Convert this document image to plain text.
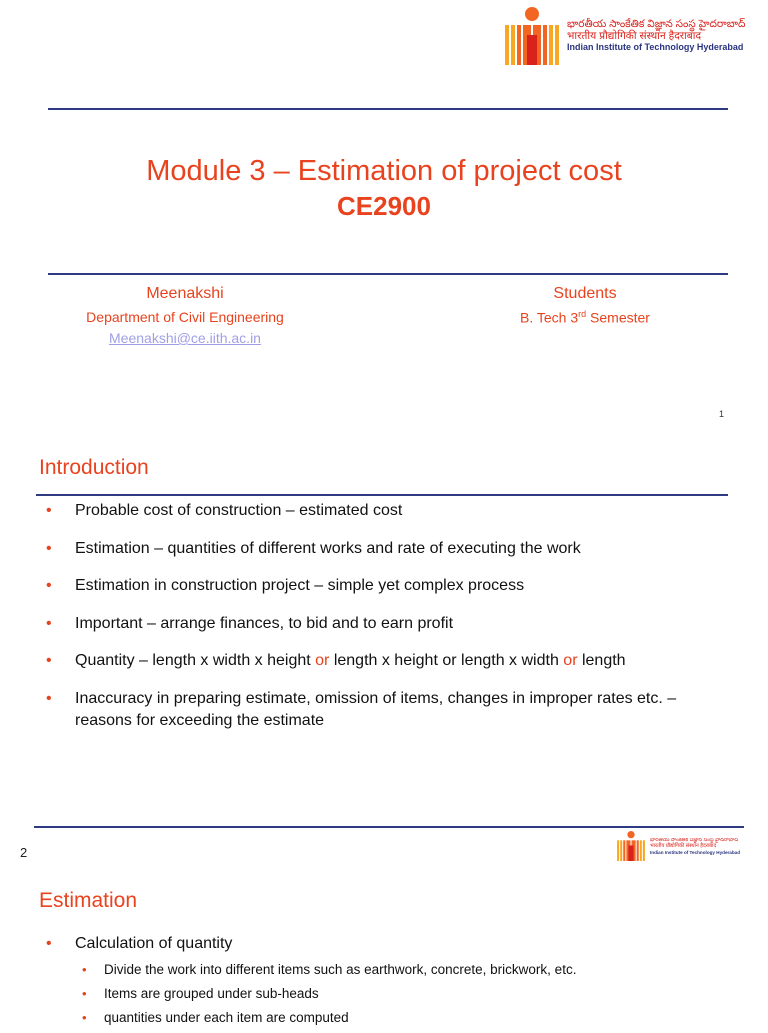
భారతీయ సాంకేతిక విజ్ఞాన సంస్థ హైదరాబాద్
भारतीय प्रौद्योगिकी संस्थान हैदराबाद
Indian Institute of Technology Hyderabad
Module 3 – Estimation of project cost
CE2900
Meenakshi
Department of Civil Engineering
Meenakshi@ce.iith.ac.in
Students
B. Tech 3rd Semester
1
Introduction
• Probable cost of construction – estimated cost
• Estimation – quantities of different works and rate of executing the work
• Estimation in construction project – simple yet complex process
• Important – arrange finances, to bid and to earn profit
• Quantity – length x width x height or length x height or length x width or length
• Inaccuracy in preparing estimate, omission of items, changes in improper rates etc. – reasons for exceeding the estimate
2
భారతీయ సాంకేతిక విజ్ఞాన సంస్థ హైదరాబాద్
भारतीय प्रौद्योगिकी संस्थान हैदराबाद
Indian Institute of Technology Hyderabad
Estimation
• Calculation of quantity
• Divide the work into different items such as earthwork, concrete, brickwork, etc.
• Items are grouped under sub-heads
• quantities under each item are computed
